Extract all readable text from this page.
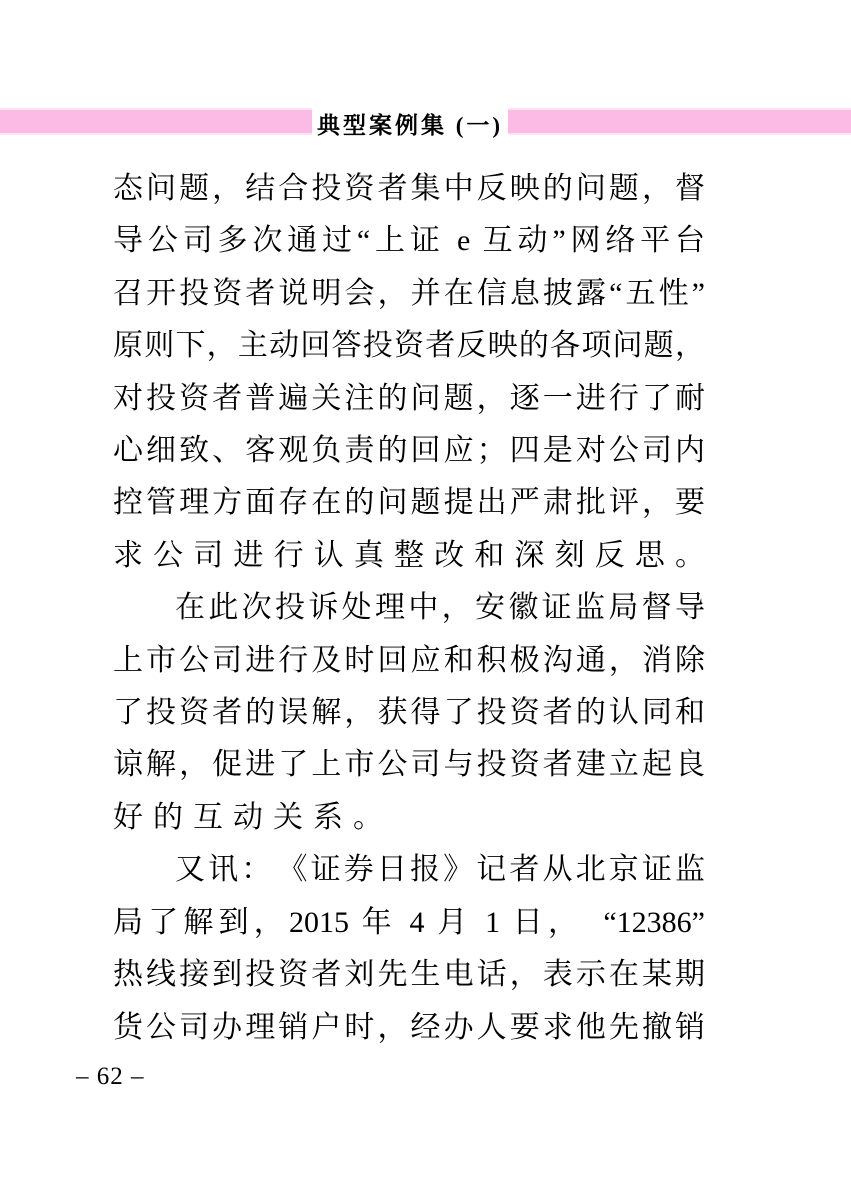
典型案例集 (一)
态问题，结合投资者集中反映的问题，督
导公司多次通过“上证 e 互动”网络平台
召开投资者说明会，并在信息披露“五性”
原则下，主动回答投资者反映的各项问题，
对投资者普遍关注的问题，逐一进行了耐
心细致、客观负责的回应；四是对公司内
控管理方面存在的问题提出严肃批评，要
求公司进行认真整改和深刻反思。
在此次投诉处理中，安徽证监局督导
上市公司进行及时回应和积极沟通，消除
了投资者的误解，获得了投资者的认同和
谅解，促进了上市公司与投资者建立起良
好的互动关系。
又讯：　《证券日报》记者从北京证监
局了解到，2015 年 4 月 1 日，　“12386”
热线接到投资者刘先生电话，表示在某期
货公司办理销户时，经办人要求他先撤销
– 62 –
